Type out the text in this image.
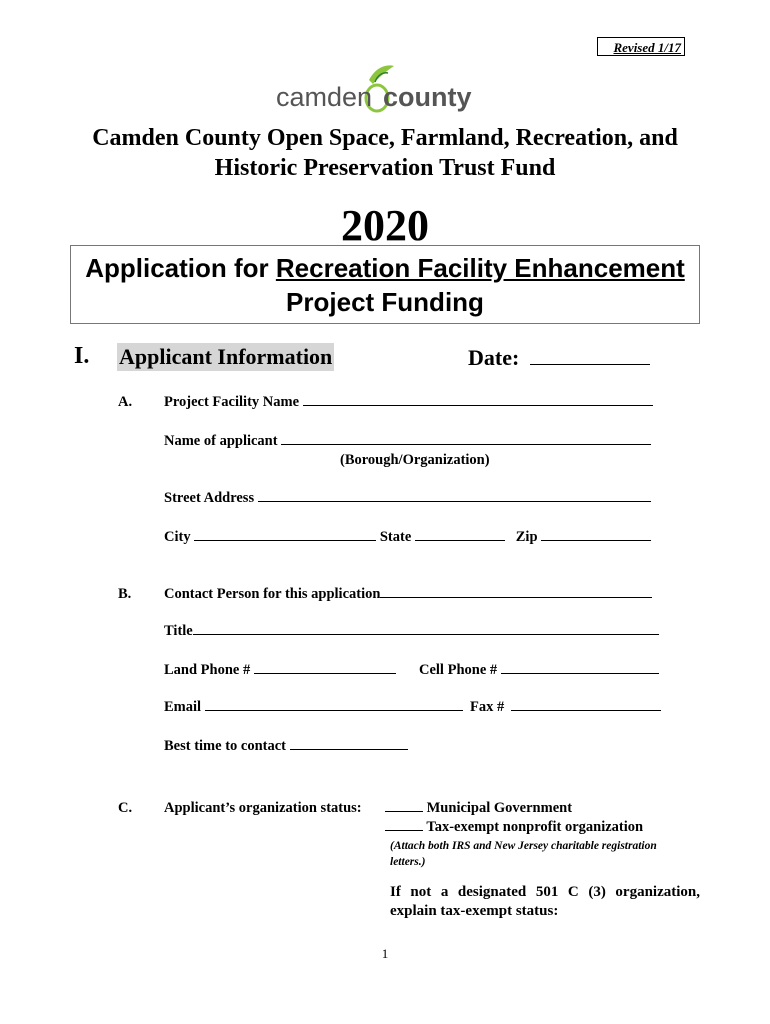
Revised 1/17
camden county
Camden County Open Space, Farmland, Recreation, and
Historic Preservation Trust Fund
2020
Application for Recreation Facility Enhancement
Project Funding
I. Applicant Information	Date:
A. Project Facility Name
Name of applicant
(Borough/Organization)
Street Address
City	State	Zip
B. Contact Person for this application
Title
Land Phone #	Cell Phone #
Email	Fax #
Best time to contact
C. Applicant’s organization status:	Municipal Government
Tax-exempt nonprofit organization
(Attach both IRS and New Jersey charitable registration
letters.)
If not a designated 501 C (3) organization,
explain tax-exempt status:
1
